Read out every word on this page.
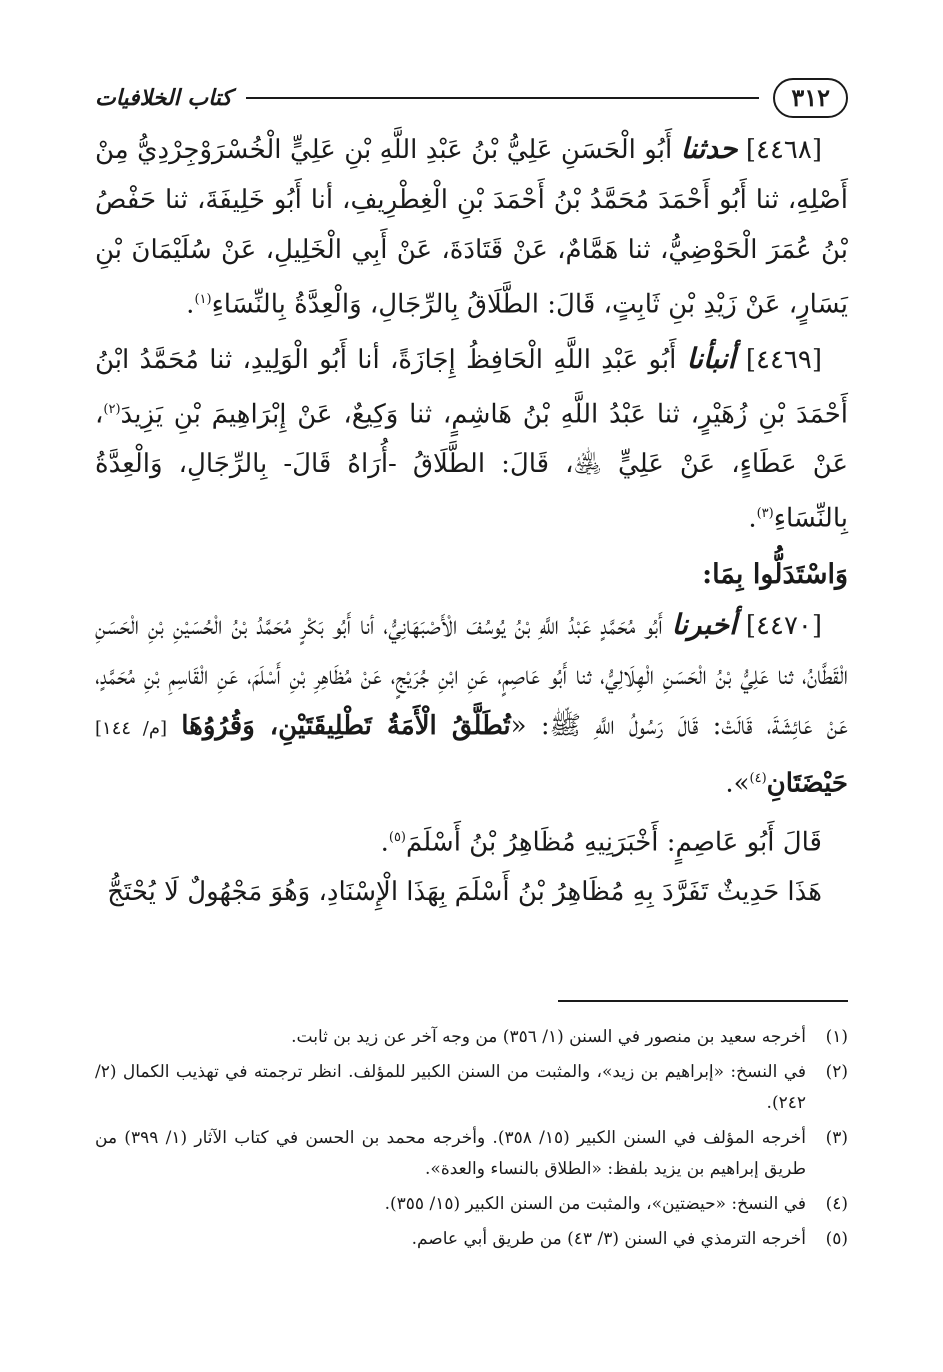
٣١٢
كتاب الخلافيات

[٤٤٦٨] حدثنا أَبُو الْحَسَنِ عَلِيُّ بْنُ عَبْدِ اللَّهِ بْنِ عَلِيٍّ الْخُسْرَوْجِرْدِيُّ مِنْ أَصْلِهِ، ثنا أَبُو أَحْمَدَ مُحَمَّدُ بْنُ أَحْمَدَ بْنِ الْغِطْرِيفِ، أنا أَبُو خَلِيفَةَ، ثنا حَفْصُ بْنُ عُمَرَ الْحَوْضِيُّ، ثنا هَمَّامٌ، عَنْ قَتَادَةَ، عَنْ أَبِي الْخَلِيلِ، عَنْ سُلَيْمَانَ بْنِ يَسَارٍ، عَنْ زَيْدِ بْنِ ثَابِتٍ، قَالَ: الطَّلَاقُ بِالرِّجَالِ، وَالْعِدَّةُ بِالنِّسَاءِ$^{(١)}$.

[٤٤٦٩] أنبأنا أَبُو عَبْدِ اللَّهِ الْحَافِظُ إِجَازَةً، أنا أَبُو الْوَلِيدِ، ثنا مُحَمَّدُ ابْنُ أَحْمَدَ بْنِ زُهَيْرٍ، ثنا عَبْدُ اللَّهِ بْنُ هَاشِمٍ، ثنا وَكِيعٌ، عَنْ إِبْرَاهِيمَ بْنِ يَزِيدَ$^{(٢)}$، عَنْ عَطَاءٍ، عَنْ عَلِيٍّ ﵁، قَالَ: الطَّلَاقُ -أُرَاهُ قَالَ- بِالرِّجَالِ، وَالْعِدَّةُ بِالنِّسَاءِ$^{(٣)}$.

وَاسْتَدَلُّوا بِمَا:

[٤٤٧٠] أخبرنا أَبُو مُحَمَّدٍ عَبْدُ اللَّهِ بْنُ يُوسُفَ الْأَصْبَهَانِيُّ، أنا أَبُو بَكْرٍ مُحَمَّدُ بْنُ الْحُسَيْنِ بْنِ الْحَسَنِ الْقَطَّانُ، ثنا عَلِيُّ بْنُ الْحَسَنِ الْهِلَالِيُّ، ثنا أَبُو عَاصِمٍ، عَنِ ابْنِ جُرَيْجٍ، عَنْ مُظَاهِرِ بْنِ أَسْلَمَ، عَنِ الْقَاسِمِ بْنِ مُحَمَّدٍ، عَنْ عَائِشَةَ، قَالَتْ: قَالَ رَسُولُ اللَّهِ ﷺ: «تُطَلَّقُ الْأَمَةُ تَطْلِيقَتَيْنِ، وَقُرُوُهَا [م/ ١٤٤] حَيْضَتَانِ$^{(٤)}$».

قَالَ أَبُو عَاصِمٍ: أَخْبَرَنِيهِ مُظَاهِرُ بْنُ أَسْلَمَ$^{(٥)}$.

هَذَا حَدِيثٌ تَفَرَّدَ بِهِ مُظَاهِرُ بْنُ أَسْلَمَ بِهَذَا الْإِسْنَادِ، وَهُوَ مَجْهُولٌ لَا يُحْتَجُّ

(١)
أخرجه سعيد بن منصور في السنن (١/ ٣٥٦) من وجه آخر عن زيد بن ثابت.
(٢)
في النسخ: «إبراهيم بن زيد»، والمثبت من السنن الكبير للمؤلف. انظر ترجمته في تهذيب الكمال (٢/ ٢٤٢).
(٣)
أخرجه المؤلف في السنن الكبير (١٥/ ٣٥٨). وأخرجه محمد بن الحسن في كتاب الآثار (١/ ٣٩٩) من طريق إبراهيم بن يزيد بلفظ: «الطلاق بالنساء والعدة».
(٤)
في النسخ: «حيضتين»، والمثبت من السنن الكبير (١٥/ ٣٥٥).
(٥)
أخرجه الترمذي في السنن (٣/ ٤٣) من طريق أبي عاصم.
